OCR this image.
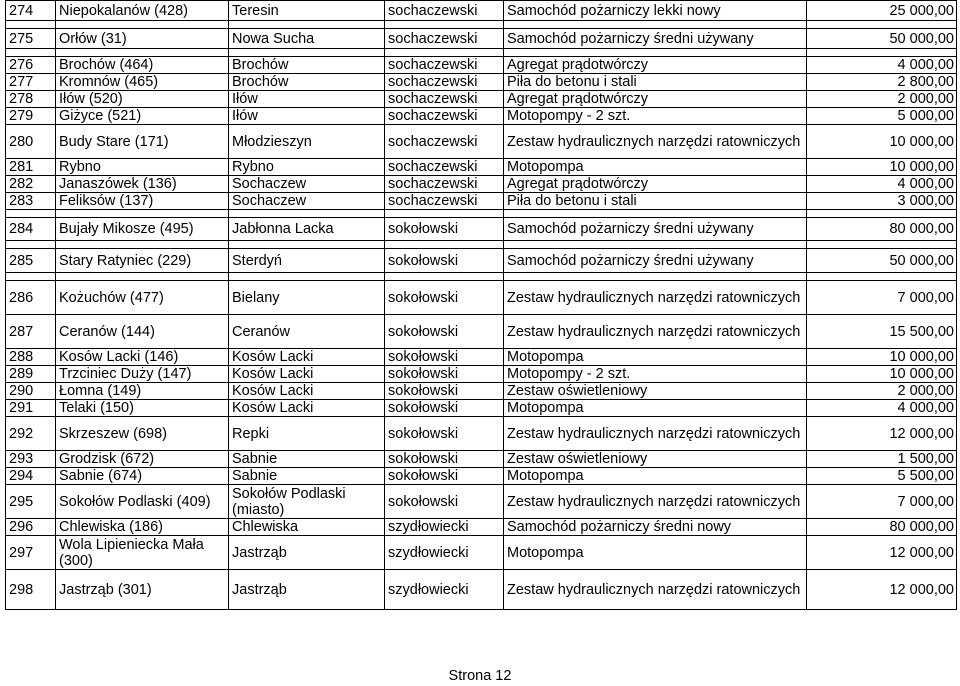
274	Niepokalanów (428)	Teresin	sochaczewski	Samochód pożarniczy lekki nowy	25 000,00

275	Orłów (31)	Nowa Sucha	sochaczewski	Samochód pożarniczy średni używany	50 000,00

276	Brochów (464)	Brochów	sochaczewski	Agregat prądotwórczy	4 000,00
277	Kromnów (465)	Brochów	sochaczewski	Piła do betonu i stali	2 800,00
278	Iłów (520)	Iłów	sochaczewski	Agregat prądotwórczy	2 000,00
279	Giżyce (521)	Iłów	sochaczewski	Motopompy - 2 szt.	5 000,00
280	Budy Stare (171)	Młodzieszyn	sochaczewski	Zestaw hydraulicznych narzędzi ratowniczych	10 000,00
281	Rybno	Rybno	sochaczewski	Motopompa	10 000,00
282	Janaszówek (136)	Sochaczew	sochaczewski	Agregat prądotwórczy	4 000,00
283	Feliksów (137)	Sochaczew	sochaczewski	Piła do betonu i stali	3 000,00

284	Bujały Mikosze (495)	Jabłonna Lacka	sokołowski	Samochód pożarniczy średni używany	80 000,00

285	Stary Ratyniec (229)	Sterdyń	sokołowski	Samochód pożarniczy średni używany	50 000,00

286	Kożuchów (477)	Bielany	sokołowski	Zestaw hydraulicznych narzędzi ratowniczych	7 000,00
287	Ceranów (144)	Ceranów	sokołowski	Zestaw hydraulicznych narzędzi ratowniczych	15 500,00
288	Kosów Lacki (146)	Kosów Lacki	sokołowski	Motopompa	10 000,00
289	Trzciniec Duży (147)	Kosów Lacki	sokołowski	Motopompy - 2 szt.	10 000,00
290	Łomna (149)	Kosów Lacki	sokołowski	Zestaw oświetleniowy	2 000,00
291	Telaki (150)	Kosów Lacki	sokołowski	Motopompa	4 000,00
292	Skrzeszew (698)	Repki	sokołowski	Zestaw hydraulicznych narzędzi ratowniczych	12 000,00
293	Grodzisk (672)	Sabnie	sokołowski	Zestaw oświetleniowy	1 500,00
294	Sabnie (674)	Sabnie	sokołowski	Motopompa	5 500,00
295	Sokołów Podlaski (409)	Sokołów Podlaski (miasto)	sokołowski	Zestaw hydraulicznych narzędzi ratowniczych	7 000,00
296	Chlewiska (186)	Chlewiska	szydłowiecki	Samochód pożarniczy średni nowy	80 000,00
297	Wola Lipieniecka Mała (300)	Jastrząb	szydłowiecki	Motopompa	12 000,00
298	Jastrząb (301)	Jastrząb	szydłowiecki	Zestaw hydraulicznych narzędzi ratowniczych	12 000,00
Strona 12
